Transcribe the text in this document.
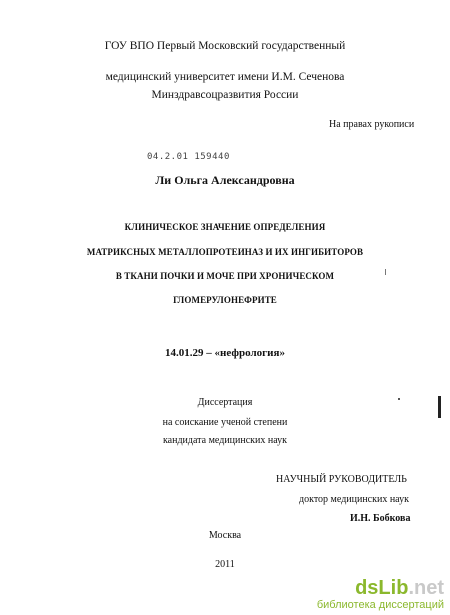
ГОУ ВПО Первый Московский государственный
медицинский университет имени И.М. Сеченова
Минздравсоцразвития России
На правах рукописи
04.2.01 159440
Ли Ольга Александровна
КЛИНИЧЕСКОЕ ЗНАЧЕНИЕ ОПРЕДЕЛЕНИЯ
МАТРИКСНЫХ МЕТАЛЛОПРОТЕИНАЗ И ИХ ИНГИБИТОРОВ
В ТКАНИ ПОЧКИ И МОЧЕ ПРИ ХРОНИЧЕСКОМ
ГЛОМЕРУЛОНЕФРИТЕ
14.01.29 – «нефрология»
Диссертация
на соискание ученой степени
кандидата медицинских наук
НАУЧНЫЙ РУКОВОДИТЕЛЬ
доктор медицинских наук
И.Н. Бобкова
Москва
2011
dsLib.net
библиотека диссертаций
